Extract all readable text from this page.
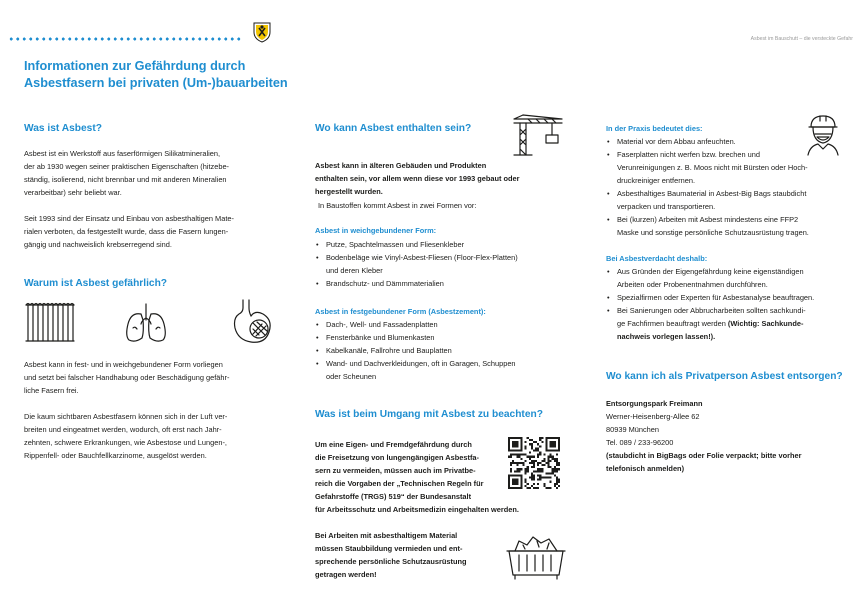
Asbest im Bauschutt – die versteckte Gefahr
Informationen zur Gefährdung durch
Asbestfasern bei privaten (Um-)bauarbeiten
Was ist Asbest?

Asbest ist ein Werkstoff aus faserförmigen Silikatmineralien,

der ab 1930 wegen seiner praktischen Eigenschaften (hitzebe-

ständig, isolierend, nicht brennbar und mit anderen Mineralien

verarbeitbar) sehr beliebt war.

Seit 1993 sind der Einsatz und Einbau von asbesthaltigen Mate-

rialen verboten, da festgestellt wurde, dass die Fasern lungen-

gängig und nachweislich krebserregend sind.

Warum ist Asbest gefährlich?

Asbest kann in fest- und in weichgebundener Form vorliegen

und setzt bei falscher Handhabung oder Beschädigung gefähr-

liche Fasern frei.

Die kaum sichtbaren Asbestfasern können sich in der Luft ver-

breiten und eingeatmet werden, wodurch, oft erst nach Jahr-

zehnten, schwere Erkrankungen, wie Asbestose und Lungen-,

Rippenfell- oder Bauchfellkarzinome, ausgelöst werden.

Wo kann Asbest enthalten sein?

Asbest kann in älteren Gebäuden und Produkten

enthalten sein, vor allem wenn diese vor 1993 gebaut oder

hergestellt wurden.

In Baustoffen kommt Asbest in zwei Formen vor:
Asbest in weichgebundener Form:
• Putze, Spachtelmassen und Fliesenkleber
• Bodenbeläge wie Vinyl-Asbest-Fliesen (Floor-Flex-Platten)
und deren Kleber
• Brandschutz- und Dämmmaterialien
Asbest in festgebundener Form (Asbestzement):
• Dach-, Well- und Fassadenplatten
• Fensterbänke und Blumenkasten
• Kabelkanäle, Fallrohre und Bauplatten
• Wand- und Dachverkleidungen, oft in Garagen, Schuppen
oder Scheunen
Was ist beim Umgang mit Asbest zu beachten?

Um eine Eigen- und Fremdgefährdung durch

die Freisetzung von lungengängigen Asbestfa-

sern zu vermeiden, müssen auch im Privatbe-

reich die Vorgaben der „Technischen Regeln für

Gefahrstoffe (TRGS) 519“ der Bundesanstalt

für Arbeitsschutz und Arbeitsmedizin eingehalten werden.

Bei Arbeiten mit asbesthaltigem Material

müssen Staubbildung vermieden und ent-

sprechende persönliche Schutzausrüstung

getragen werden!

In der Praxis bedeutet dies:
• Material vor dem Abbau anfeuchten.
• Faserplatten nicht werfen bzw. brechen und
Verunreinigungen z. B. Moos nicht mit Bürsten oder Hoch-
druckreiniger entfernen.
• Asbesthaltiges Baumaterial in Asbest-Big Bags staubdicht
verpacken und transportieren.
• Bei (kurzen) Arbeiten mit Asbest mindestens eine FFP2
Maske und sonstige persönliche Schutzausrüstung tragen.
Bei Asbestverdacht deshalb:
• Aus Gründen der Eigengefährdung keine eigenständigen
Arbeiten oder Probenentnahmen durchführen.
• Spezialfirmen oder Experten für Asbestanalyse beauftragen.
• Bei Sanierungen oder Abbrucharbeiten sollten sachkundi-
ge Fachfirmen beauftragt werden (Wichtig: Sachkunde-
nachweis vorlegen lassen!).
Wo kann ich als Privatperson Asbest entsorgen?

Entsorgungspark Freimann

Werner-Heisenberg-Allee 62

80939 München

Tel. 089 / 233-96200

(staubdicht in BigBags oder Folie verpackt; bitte vorher

telefonisch anmelden)
